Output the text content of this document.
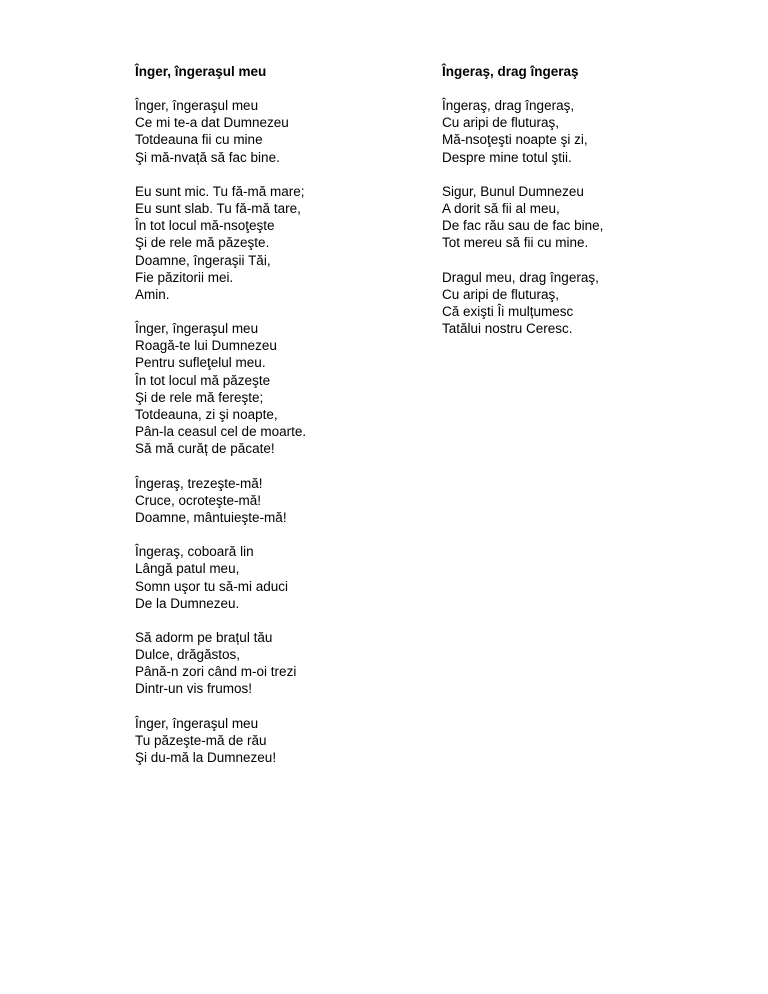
Înger, îngeraşul meu
Înger, îngeraşul meu
Ce mi te-a dat Dumnezeu
Totdeauna fii cu mine
Şi mă-nvață să fac bine.
Eu sunt mic. Tu fă-mă mare;
Eu sunt slab. Tu fă-mă tare,
În tot locul mă-nsoţeşte
Şi de rele mă păzeşte.
Doamne, îngeraşii Tăi,
Fie păzitorii mei.
Amin.
Înger, îngeraşul meu
Roagă-te lui Dumnezeu
Pentru sufleţelul meu.
În tot locul mă păzeşte
Şi de rele mă fereşte;
Totdeauna, zi şi noapte,
Pân-la ceasul cel de moarte.
Să mă curăț de păcate!
Îngeraş, trezeşte-mă!
Cruce, ocroteşte-mă!
Doamne, mântuieşte-mă!
Îngeraş, coboară lin
Lângă patul meu,
Somn uşor tu să-mi aduci
De la Dumnezeu.
Să adorm pe brațul tău
Dulce, drăgăstos,
Până-n zori când m-oi trezi
Dintr-un vis frumos!
Înger, îngeraşul meu
Tu păzeşte-mă de rău
Şi du-mă la Dumnezeu!
Îngeraş, drag îngeraş
Îngeraş, drag îngeraş,
Cu aripi de fluturaş,
Mă-nsoţeşti noapte şi zi,
Despre mine totul ştii.
Sigur, Bunul Dumnezeu
A dorit să fii al meu,
De fac rău sau de fac bine,
Tot mereu să fii cu mine.
Dragul meu, drag îngeraş,
Cu aripi de fluturaş,
Că exişti Îi mulțumesc
Tatălui nostru Ceresc.
